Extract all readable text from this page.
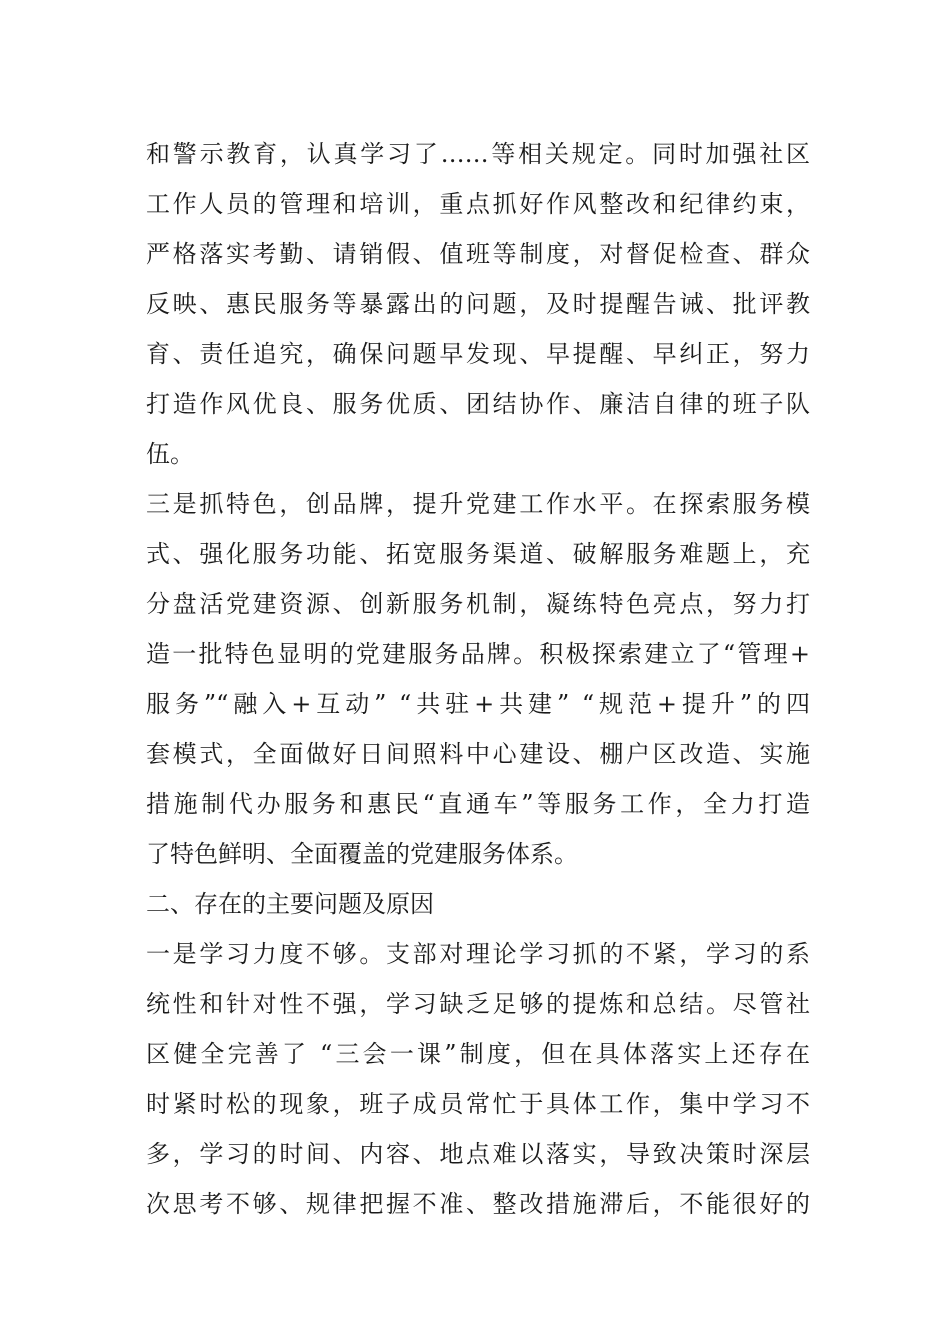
和警示教育，认真学习了……等相关规定。同时加强社区
工作人员的管理和培训，重点抓好作风整改和纪律约束，
严格落实考勤、请销假、值班等制度，对督促检查、群众
反映、惠民服务等暴露出的问题，及时提醒告诫、批评教
育、责任追究，确保问题早发现、早提醒、早纠正，努力
打造作风优良、服务优质、团结协作、廉洁自律的班子队
伍。
三是抓特色，创品牌，提升党建工作水平。在探索服务模
式、强化服务功能、拓宽服务渠道、破解服务难题上，充
分盘活党建资源、创新服务机制，凝练特色亮点，努力打
造一批特色显明的党建服务品牌。积极探索建立了“管理+
服务”“融入+互动” “共驻+共建” “规范+提升”的四
套模式，全面做好日间照料中心建设、棚户区改造、实施
措施制代办服务和惠民“直通车”等服务工作，全力打造
了特色鲜明、全面覆盖的党建服务体系。
二、存在的主要问题及原因
一是学习力度不够。支部对理论学习抓的不紧，学习的系
统性和针对性不强，学习缺乏足够的提炼和总结。尽管社
区健全完善了 “三会一课”制度，但在具体落实上还存在
时紧时松的现象，班子成员常忙于具体工作，集中学习不
多，学习的时间、内容、地点难以落实，导致决策时深层
次思考不够、规律把握不准、整改措施滞后，不能很好的
